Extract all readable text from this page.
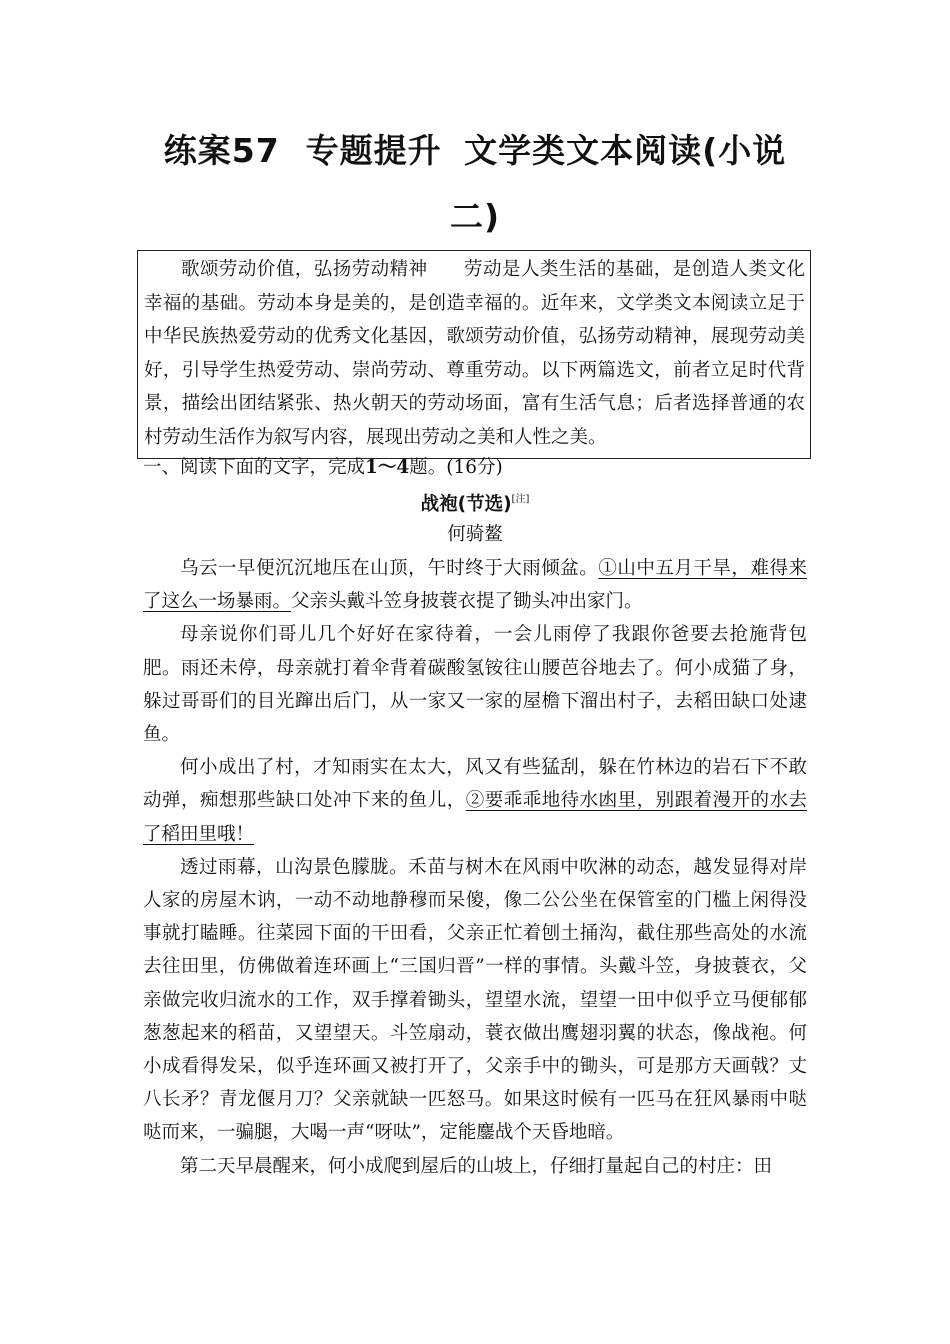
练案57 专题提升 文学类文本阅读(小说二)
歌颂劳动价值，弘扬劳动精神 劳动是人类生活的基础，是创造人类文化幸福的基础。劳动本身是美的，是创造幸福的。近年来，文学类文本阅读立足于中华民族热爱劳动的优秀文化基因，歌颂劳动价值，弘扬劳动精神，展现劳动美好，引导学生热爱劳动、崇尚劳动、尊重劳动。以下两篇选文，前者立足时代背景，描绘出团结紧张、热火朝天的劳动场面，富有生活气息；后者选择普通的农村劳动生活作为叙写内容，展现出劳动之美和人性之美。
一、阅读下面的文字，完成1～4题。(16分)
战袍(节选)[注]
何骑鳌

乌云一早便沉沉地压在山顶，午时终于大雨倾盆。①山中五月干旱，难得来了这么一场暴雨。父亲头戴斗笠身披蓑衣提了锄头冲出家门。

母亲说你们哥儿几个好好在家待着，一会儿雨停了我跟你爸要去抢施背包肥。雨还未停，母亲就打着伞背着碳酸氢铵往山腰芭谷地去了。何小成猫了身，躲过哥哥们的目光蹿出后门，从一家又一家的屋檐下溜出村子，去稻田缺口处逮鱼。

何小成出了村，才知雨实在太大，风又有些猛刮，躲在竹林边的岩石下不敢动弹，痴想那些缺口处冲下来的鱼儿，②要乖乖地待水凼里，别跟着漫开的水去了稻田里哦！

透过雨幕，山沟景色朦胧。禾苗与树木在风雨中吹淋的动态，越发显得对岸人家的房屋木讷，一动不动地静穆而呆傻，像二公公坐在保管室的门槛上闲得没事就打瞌睡。往菜园下面的干田看，父亲正忙着刨土捅沟，截住那些高处的水流去往田里，仿佛做着连环画上“三国归晋”一样的事情。头戴斗笠，身披蓑衣，父亲做完收归流水的工作，双手撑着锄头，望望水流，望望一田中似乎立马便郁郁葱葱起来的稻苗，又望望天。斗笠扇动，蓑衣做出鹰翅羽翼的状态，像战袍。何小成看得发呆，似乎连环画又被打开了，父亲手中的锄头，可是那方天画戟？丈八长矛？青龙偃月刀？父亲就缺一匹怒马。如果这时候有一匹马在狂风暴雨中哒哒而来，一骗腿，大喝一声“呀呔”，定能鏖战个天昏地暗。

第二天早晨醒来，何小成爬到屋后的山坡上，仔细打量起自己的村庄：田
